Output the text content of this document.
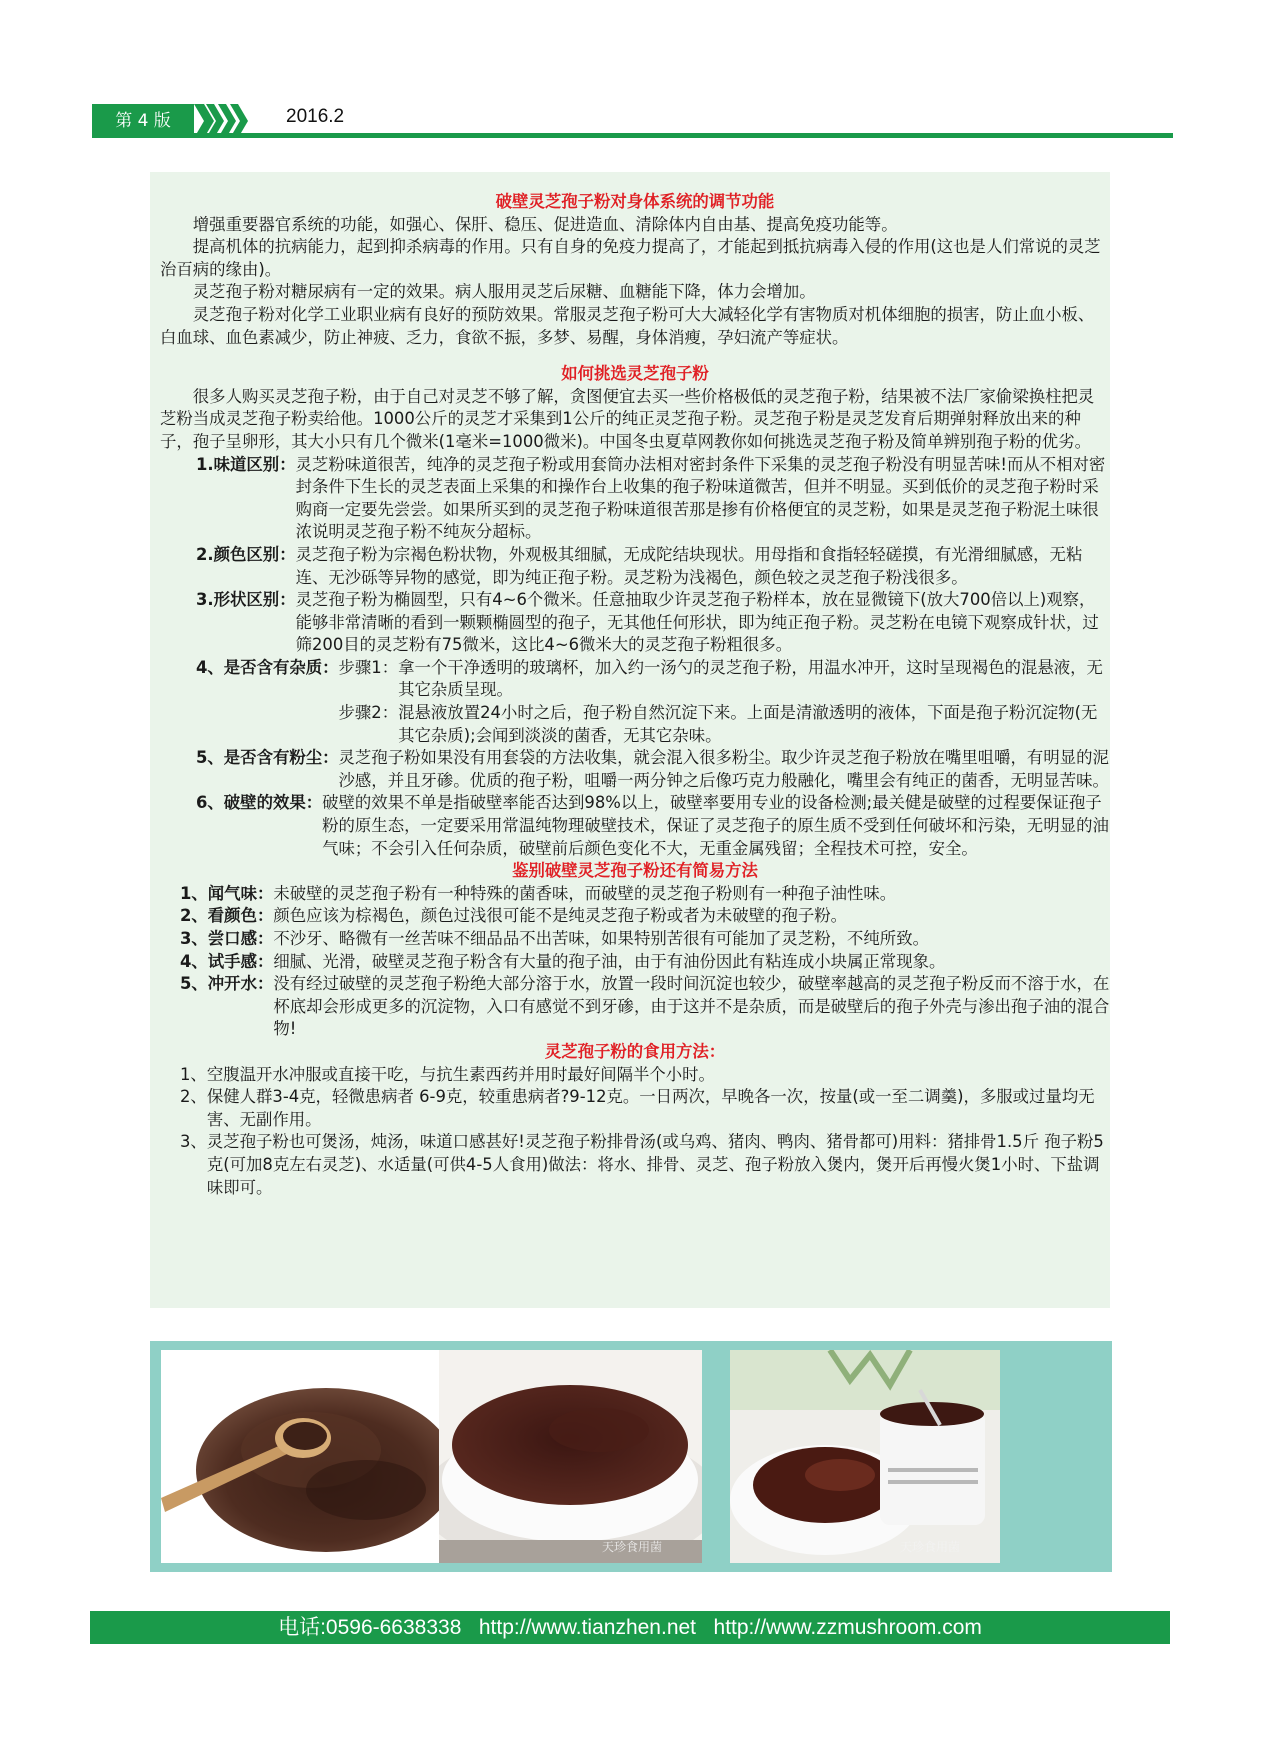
第 4 版	2016.2
破壁灵芝孢子粉对身体系统的调节功能
增强重要器官系统的功能，如强心、保肝、稳压、促进造血、清除体内自由基、提高免疫功能等。
提高机体的抗病能力，起到抑杀病毒的作用。只有自身的免疫力提高了，才能起到抵抗病毒入侵的作用(这也是人们常说的灵芝治百病的缘由)。
灵芝孢子粉对糖尿病有一定的效果。病人服用灵芝后尿糖、血糖能下降，体力会增加。
灵芝孢子粉对化学工业职业病有良好的预防效果。常服灵芝孢子粉可大大减轻化学有害物质对机体细胞的损害，防止血小板、白血球、血色素减少，防止神疲、乏力，食欲不振，多梦、易醒，身体消瘦，孕妇流产等症状。
如何挑选灵芝孢子粉
很多人购买灵芝孢子粉，由于自己对灵芝不够了解，贪图便宜去买一些价格极低的灵芝孢子粉，结果被不法厂家偷梁换柱把灵芝粉当成灵芝孢子粉卖给他。1000公斤的灵芝才采集到1公斤的纯正灵芝孢子粉。灵芝孢子粉是灵芝发育后期弹射释放出来的种子，孢子呈卵形，其大小只有几个微米(1毫米=1000微米)。中国冬虫夏草网教你如何挑选灵芝孢子粉及简单辨别孢子粉的优劣。
1.味道区别： 灵芝粉味道很苦，纯净的灵芝孢子粉或用套筒办法相对密封条件下采集的灵芝孢子粉没有明显苦味!而从不相对密封条件下生长的灵芝表面上采集的和操作台上收集的孢子粉味道微苦，但并不明显。买到低价的灵芝孢子粉时采购商一定要先尝尝。如果所买到的灵芝孢子粉味道很苦那是掺有价格便宜的灵芝粉，如果是灵芝孢子粉泥土味很浓说明灵芝孢子粉不纯灰分超标。
2.颜色区别： 灵芝孢子粉为宗褐色粉状物，外观极其细腻，无成陀结块现状。用母指和食指轻轻磋摸，有光滑细腻感，无粘连、无沙砾等异物的感觉，即为纯正孢子粉。灵芝粉为浅褐色，颜色较之灵芝孢子粉浅很多。
3.形状区别： 灵芝孢子粉为椭圆型，只有4~6个微米。任意抽取少许灵芝孢子粉样本，放在显微镜下(放大700倍以上)观察，能够非常清晰的看到一颗颗椭圆型的孢子，无其他任何形状，即为纯正孢子粉。灵芝粉在电镜下观察成针状，过筛200目的灵芝粉有75微米，这比4~6微米大的灵芝孢子粉粗很多。
4、是否含有杂质： 步骤1： 拿一个干净透明的玻璃杯，加入约一汤勺的灵芝孢子粉，用温水冲开，这时呈现褐色的混悬液，无其它杂质呈现。
步骤2： 混悬液放置24小时之后，孢子粉自然沉淀下来。上面是清澈透明的液体，下面是孢子粉沉淀物(无其它杂质);会闻到淡淡的菌香，无其它杂味。
5、是否含有粉尘： 灵芝孢子粉如果没有用套袋的方法收集，就会混入很多粉尘。取少许灵芝孢子粉放在嘴里咀嚼，有明显的泥沙感，并且牙碜。优质的孢子粉，咀嚼一两分钟之后像巧克力般融化，嘴里会有纯正的菌香，无明显苦味。
6、破壁的效果： 破壁的效果不单是指破壁率能否达到98%以上，破壁率要用专业的设备检测;最关健是破壁的过程要保证孢子粉的原生态，一定要采用常温纯物理破壁技术，保证了灵芝孢子的原生质不受到任何破坏和污染，无明显的油气味；不会引入任何杂质，破壁前后颜色变化不大，无重金属残留；全程技术可控，安全。
鉴别破壁灵芝孢子粉还有简易方法
1、闻气味： 未破壁的灵芝孢子粉有一种特殊的菌香味，而破壁的灵芝孢子粉则有一种孢子油性味。
2、看颜色： 颜色应该为棕褐色，颜色过浅很可能不是纯灵芝孢子粉或者为未破壁的孢子粉。
3、尝口感： 不沙牙、略微有一丝苦味不细品品不出苦味，如果特别苦很有可能加了灵芝粉，不纯所致。
4、试手感： 细腻、光滑，破壁灵芝孢子粉含有大量的孢子油，由于有油份因此有粘连成小块属正常现象。
5、冲开水： 没有经过破壁的灵芝孢子粉绝大部分溶于水，放置一段时间沉淀也较少，破壁率越高的灵芝孢子粉反而不溶于水，在杯底却会形成更多的沉淀物，入口有感觉不到牙碜，由于这并不是杂质，而是破壁后的孢子外壳与渗出孢子油的混合物!
灵芝孢子粉的食用方法：
1、 空腹温开水冲服或直接干吃，与抗生素西药并用时最好间隔半个小时。
2、 保健人群3-4克，轻微患病者 6-9克，较重患病者?9-12克。一日两次，早晚各一次，按量(或一至二调羹)，多服或过量均无害、无副作用。
3、 灵芝孢子粉也可煲汤，炖汤，味道口感甚好!灵芝孢子粉排骨汤(或乌鸡、猪肉、鸭肉、猪骨都可)用料：猪排骨1.5斤 孢子粉5克(可加8克左右灵芝)、水适量(可供4-5人食用)做法：将水、排骨、灵芝、孢子粉放入煲内，煲开后再慢火煲1小时、下盐调味即可。
天珍食用菌	天珍食用菌
电话:0596-6638338   http://www.tianzhen.net   http://www.zzmushroom.com
